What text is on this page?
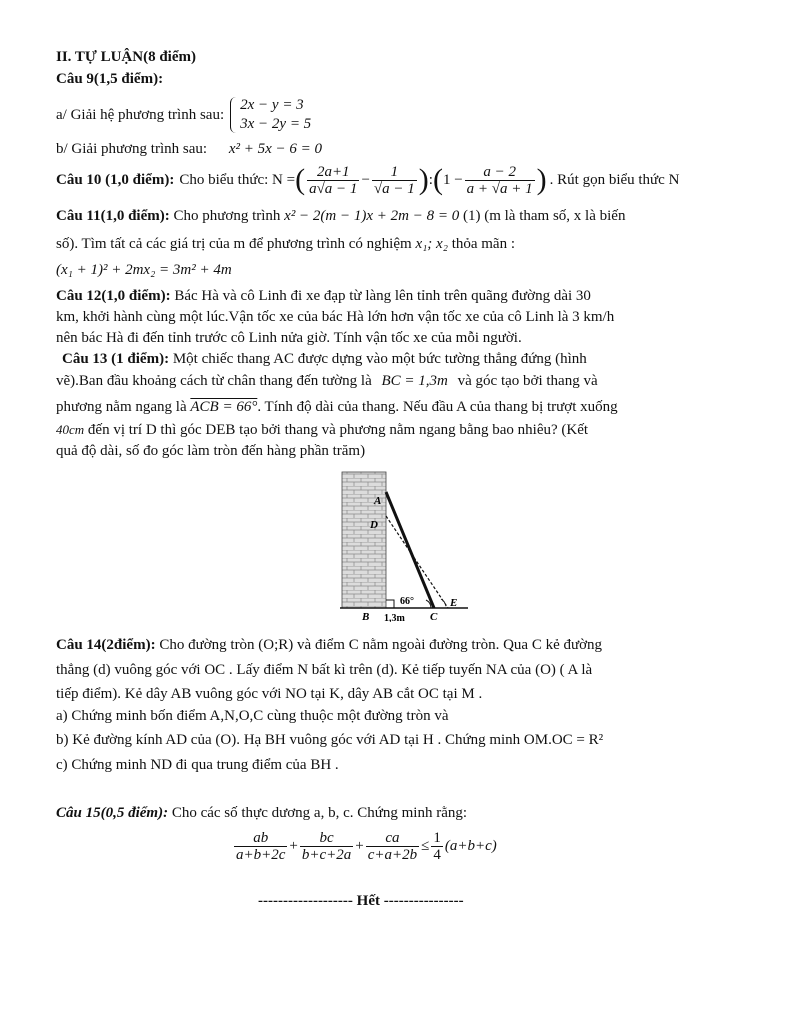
II. TỰ LUẬN(8 điểm)
Câu 9(1,5 điểm):
a/ Giải hệ phương trình sau:
2x − y = 3
3x − 2y = 5
b/ Giải phương trình sau: x² + 5x − 6 = 0
Câu 10 (1,0 điểm): Cho biểu thức: N = ( $\frac{2a+1}{a√a - 1} - \frac{1}{√a - 1}$ ) : ( $1 - \frac{a - 2}{a + √a + 1}$ ) . Rút gọn biểu thức N
Câu 11(1,0 điểm): Cho phương trình x² − 2(m − 1)x + 2m − 8 = 0 (1) (m là tham số, x là biến
số). Tìm tất cả các giá trị của m để phương trình có nghiệm x₁; x₂ thỏa mãn :
(x₁ + 1)² + 2mx₂ = 3m² + 4m
Câu 12(1,0 điểm): Bác Hà và cô Linh đi xe đạp từ làng lên tỉnh trên quãng đường dài 30
km, khởi hành cùng một lúc.Vận tốc xe của bác Hà lớn hơn vận tốc xe của cô Linh là 3 km/h
nên bác Hà đi đến tỉnh trước cô Linh nửa giờ. Tính vận tốc xe của mỗi người.
Câu 13 (1 điểm): Một chiếc thang AC được dựng vào một bức tường thẳng đứng (hình
vẽ).Ban đầu khoảng cách từ chân thang đến tường là BC = 1,3m và góc tạo bởi thang và
phương nằm ngang là ACB = 66°. Tính độ dài của thang. Nếu đầu A của thang bị trượt xuống
40cm đến vị trí D thì góc DEB tạo bởi thang và phương nằm ngang bằng bao nhiêu? (Kết
quả độ dài, số đo góc làm tròn đến hàng phần trăm)
A
D
66°	E
B 1,3m C
Câu 14(2điểm): Cho đường tròn (O;R) và điểm C nằm ngoài đường tròn. Qua C kẻ đường
thẳng (d) vuông góc với OC . Lấy điểm N bất kì trên (d). Kẻ tiếp tuyến NA của (O) ( A là
tiếp điểm). Kẻ dây AB vuông góc với NO tại K, dây AB cắt OC tại M .
a) Chứng minh bốn điểm A,N,O,C cùng thuộc một đường tròn và
b) Kẻ đường kính AD của (O). Hạ BH vuông góc với AD tại H . Chứng minh OM.OC = R²
c) Chứng minh ND đi qua trung điểm của BH .
Câu 15(0,5 điểm): Cho các số thực dương a, b, c. Chứng minh rằng:
$\frac{ab}{a+b+2c} + \frac{bc}{b+c+2a} + \frac{ca}{c+a+2b} \le \frac{1}{4} (a+b+c)$
------------------- Hết ----------------
